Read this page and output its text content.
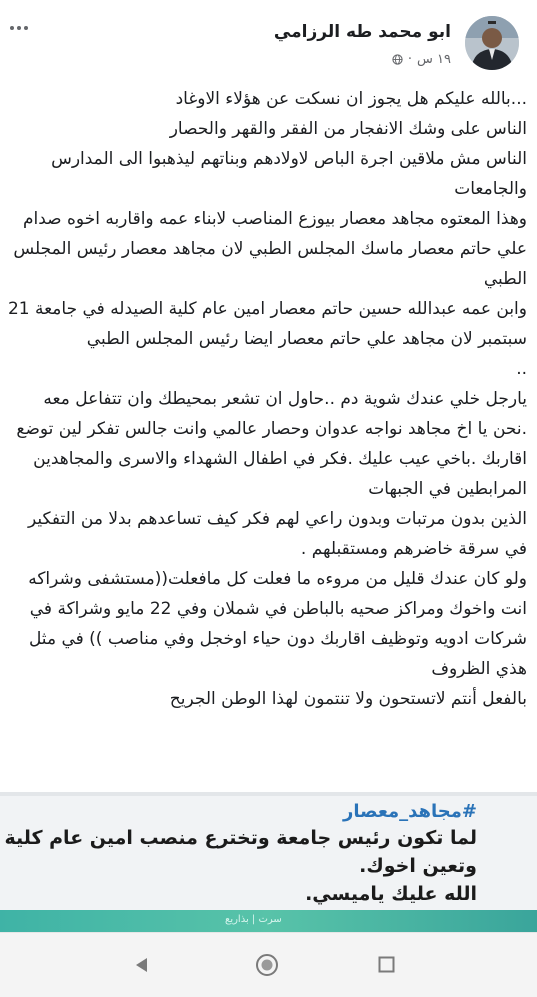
ابو محمد طه الرزامي
١٩ س
·

...بالله عليكم هل يجوز ان نسكت عن هؤلاء الاوغاد

الناس على وشك الانفجار من الفقر والقهر والحصار

الناس مش ملاقين اجرة الباص لاولادهم وبناتهم ليذهبوا الى المدارس والجامعات

وهذا المعتوه مجاهد معصار بيوزع المناصب لابناء عمه واقاربه اخوه صدام علي حاتم معصار ماسك المجلس الطبي لان مجاهد معصار رئيس المجلس الطبي

وابن عمه عبدالله حسين حاتم معصار امين عام كلية الصيدله في جامعة 21 سبتمبر لان مجاهد علي حاتم معصار ايضا رئيس المجلس الطبي

..

يارجل خلي عندك شوية دم ..حاول ان تشعر بمحيطك وان تتفاعل معه .نحن يا اخ مجاهد نواجه عدوان وحصار عالمي وانت جالس تفكر لين توضع اقاربك .باخي عيب عليك .فكر في اطفال الشهداء والاسرى والمجاهدين المرابطين في الجبهات

الذين بدون مرتبات وبدون راعي لهم فكر كيف تساعدهم بدلا من التفكير في سرقة خاضرهم ومستقبلهم .

ولو كان عندك قليل من مروءه ما فعلت كل مافعلت((مستشفى وشراكه انت واخوك ومراكز صحيه بالباطن في شملان وفي 22 مايو وشراكة في شركات ادويه وتوظيف اقاربك دون حياء اوخجل وفي مناصب )) في مثل هذي الظروف

بالفعل أنتم لاتستحون ولا تنتمون لهذا الوطن الجريح

#مجاهد_معصار
لما تكون رئيس جامعة وتخترع منصب امين عام كلية
وتعين اخوك.
الله عليك ياميسي.
سرت | بذاريع
